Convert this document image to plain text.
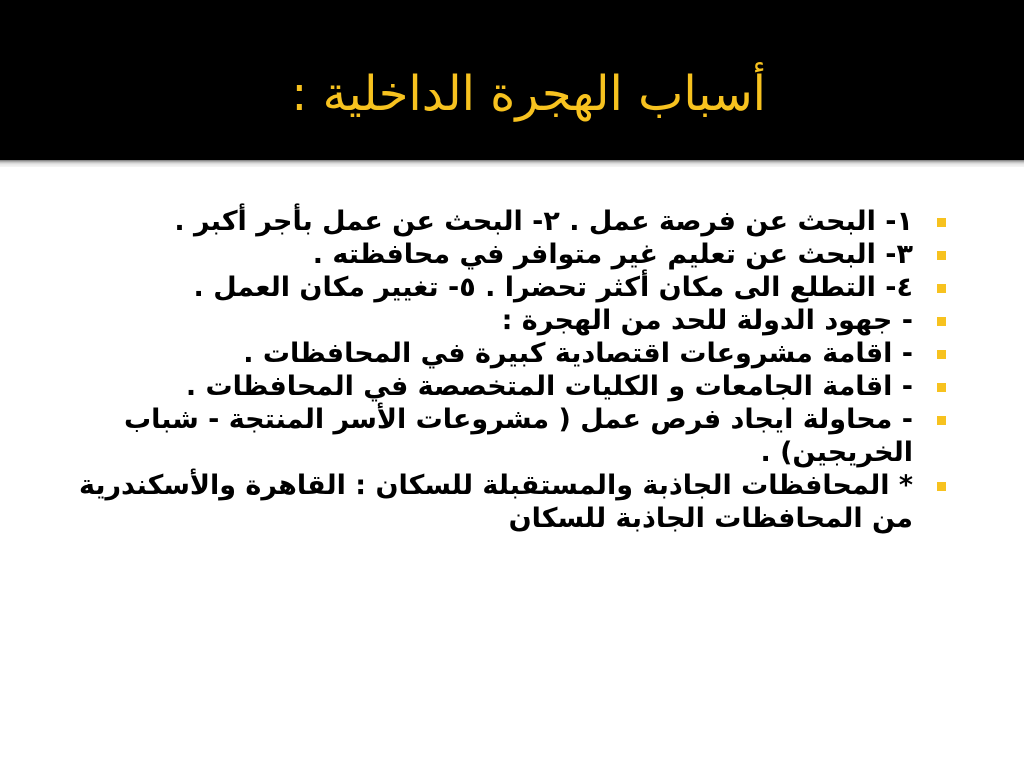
أسباب الهجرة الداخلية :
١- البحث عن فرصة عمل . ٢- البحث عن عمل بأجر أكبر .
٣- البحث عن تعليم غير متوافر في محافظته .
٤- التطلع الى مكان أكثر تحضرا . ٥- تغيير مكان العمل .
- جهود الدولة للحد من الهجرة :
- اقامة مشروعات اقتصادية كبيرة في المحافظات .
- اقامة الجامعات و الكليات المتخصصة في المحافظات .
- محاولة ايجاد فرص عمل ( مشروعات الأسر المنتجة - شباب الخريجين) .
* المحافظات الجاذبة والمستقبلة للسكان : القاهرة والأسكندرية من المحافظات الجاذبة للسكان
